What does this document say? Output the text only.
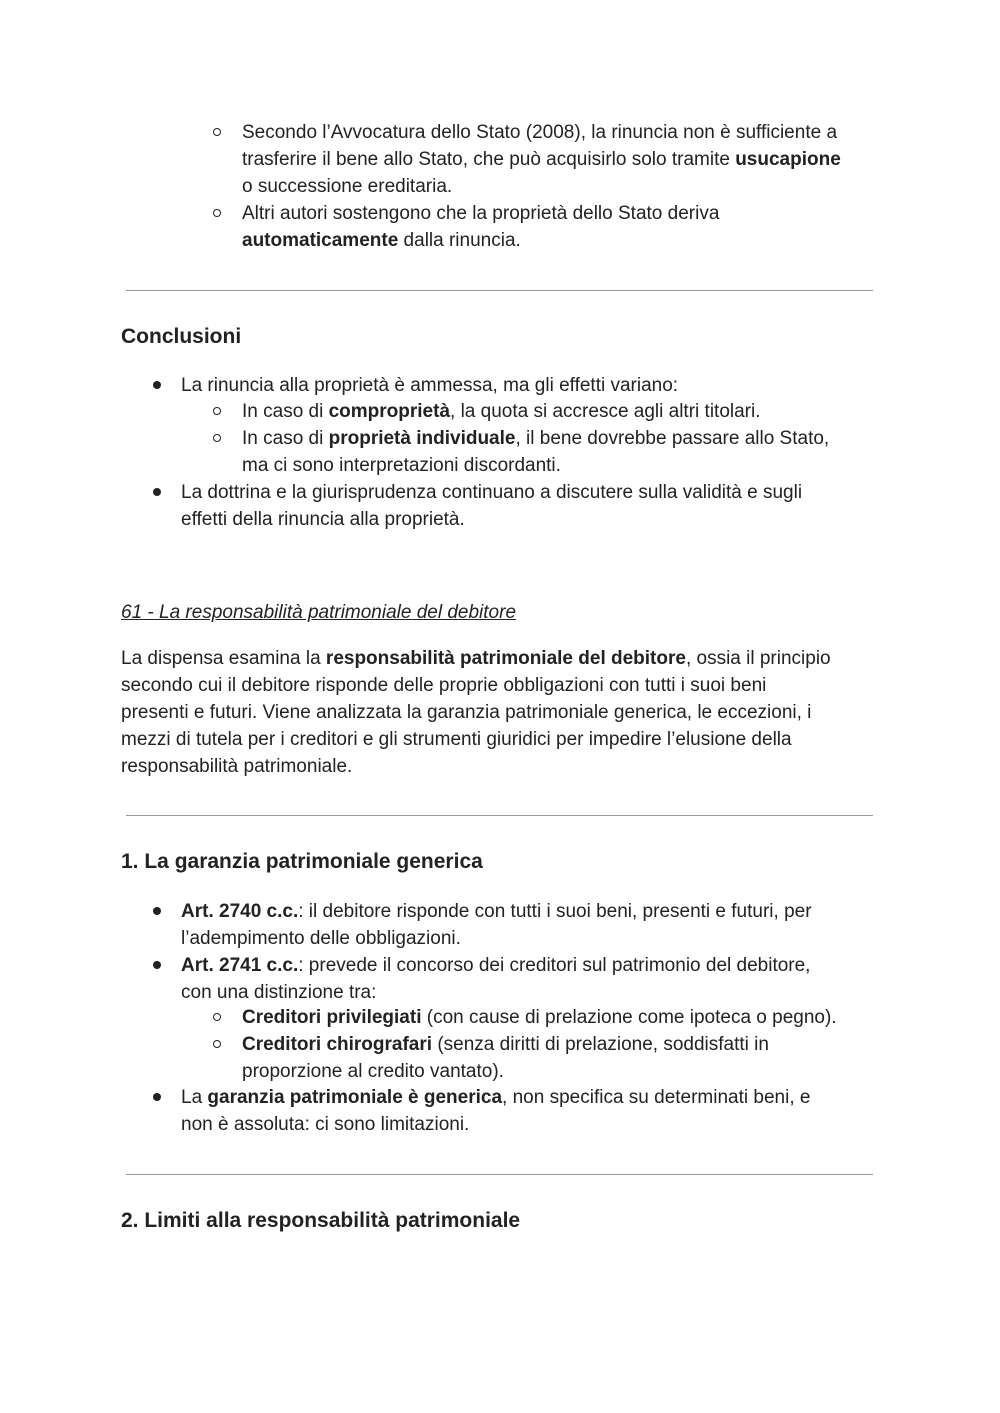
Secondo l’Avvocatura dello Stato (2008), la rinuncia non è sufficiente a
trasferire il bene allo Stato, che può acquisirlo solo tramite usucapione
o successione ereditaria.
Altri autori sostengono che la proprietà dello Stato deriva
automaticamente dalla rinuncia.
Conclusioni
La rinuncia alla proprietà è ammessa, ma gli effetti variano:
In caso di comproprietà, la quota si accresce agli altri titolari.
In caso di proprietà individuale, il bene dovrebbe passare allo Stato,
ma ci sono interpretazioni discordanti.
La dottrina e la giurisprudenza continuano a discutere sulla validità e sugli
effetti della rinuncia alla proprietà.
61 - La responsabilità patrimoniale del debitore
La dispensa esamina la responsabilità patrimoniale del debitore, ossia il principio
secondo cui il debitore risponde delle proprie obbligazioni con tutti i suoi beni
presenti e futuri. Viene analizzata la garanzia patrimoniale generica, le eccezioni, i
mezzi di tutela per i creditori e gli strumenti giuridici per impedire l’elusione della
responsabilità patrimoniale.
1. La garanzia patrimoniale generica
Art. 2740 c.c.: il debitore risponde con tutti i suoi beni, presenti e futuri, per
l’adempimento delle obbligazioni.
Art. 2741 c.c.: prevede il concorso dei creditori sul patrimonio del debitore,
con una distinzione tra:
Creditori privilegiati (con cause di prelazione come ipoteca o pegno).
Creditori chirografari (senza diritti di prelazione, soddisfatti in
proporzione al credito vantato).
La garanzia patrimoniale è generica, non specifica su determinati beni, e
non è assoluta: ci sono limitazioni.
2. Limiti alla responsabilità patrimoniale
